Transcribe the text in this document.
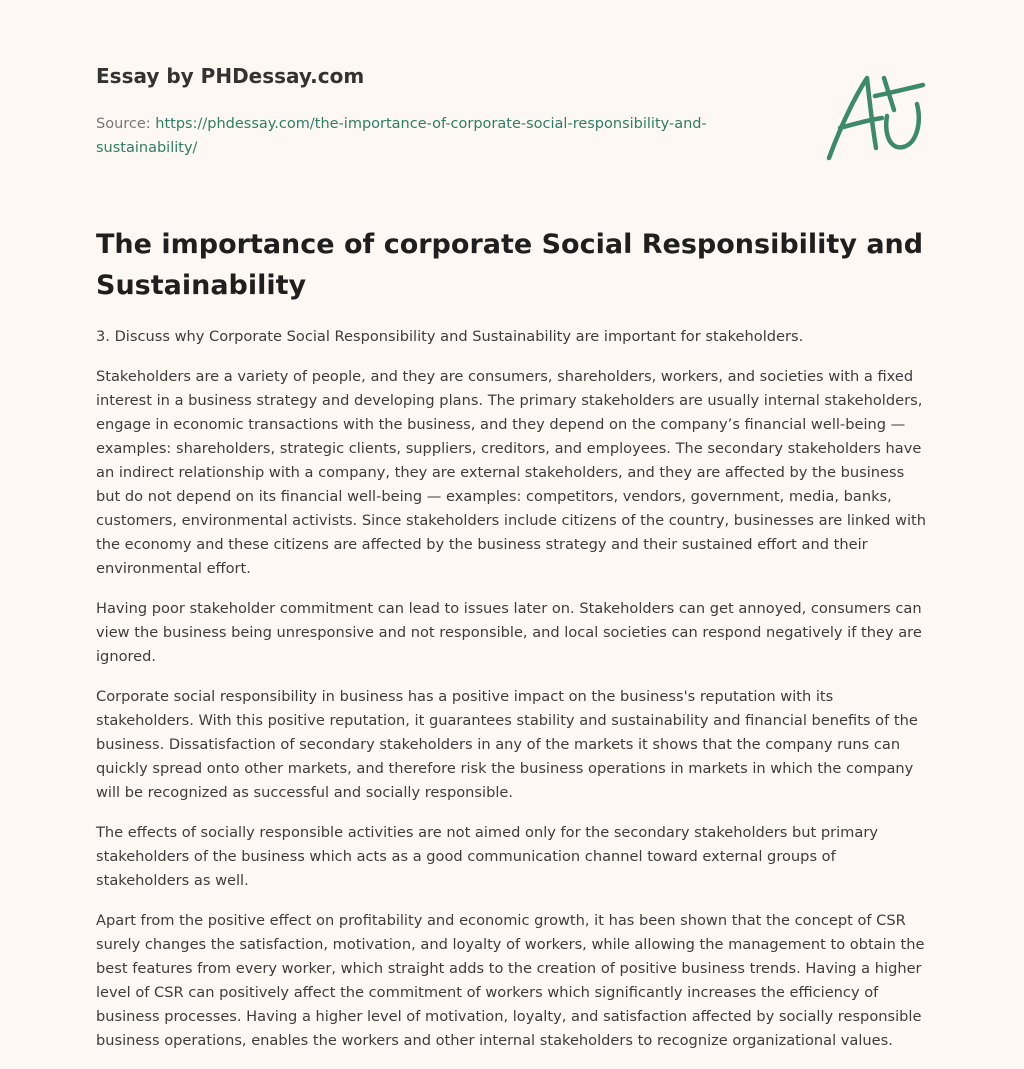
Essay by PHDessay.com

Source: https://phdessay.com/the-importance-of-corporate-social-responsibility-and-sustainability/

The importance of corporate Social Responsibility and Sustainability

3. Discuss why Corporate Social Responsibility and Sustainability are important for stakeholders.

Stakeholders are a variety of people, and they are consumers, shareholders, workers, and societies with a fixed interest in a business strategy and developing plans. The primary stakeholders are usually internal stakeholders, engage in economic transactions with the business, and they depend on the company’s financial well-being — examples: shareholders, strategic clients, suppliers, creditors, and employees. The secondary stakeholders have an indirect relationship with a company, they are external stakeholders, and they are affected by the business but do not depend on its financial well-being — examples: competitors, vendors, government, media, banks, customers, environmental activists. Since stakeholders include citizens of the country, businesses are linked with the economy and these citizens are affected by the business strategy and their sustained effort and their environmental effort.

Having poor stakeholder commitment can lead to issues later on. Stakeholders can get annoyed, consumers can view the business being unresponsive and not responsible, and local societies can respond negatively if they are ignored.

Corporate social responsibility in business has a positive impact on the business's reputation with its stakeholders. With this positive reputation, it guarantees stability and sustainability and financial benefits of the business. Dissatisfaction of secondary stakeholders in any of the markets it shows that the company runs can quickly spread onto other markets, and therefore risk the business operations in markets in which the company will be recognized as successful and socially responsible.

The effects of socially responsible activities are not aimed only for the secondary stakeholders but primary stakeholders of the business which acts as a good communication channel toward external groups of stakeholders as well.

Apart from the positive effect on profitability and economic growth, it has been shown that the concept of CSR surely changes the satisfaction, motivation, and loyalty of workers, while allowing the management to obtain the best features from every worker, which straight adds to the creation of positive business trends. Having a higher level of CSR can positively affect the commitment of workers which significantly increases the efficiency of business processes. Having a higher level of motivation, loyalty, and satisfaction affected by socially responsible business operations, enables the workers and other internal stakeholders to recognize organizational values.
